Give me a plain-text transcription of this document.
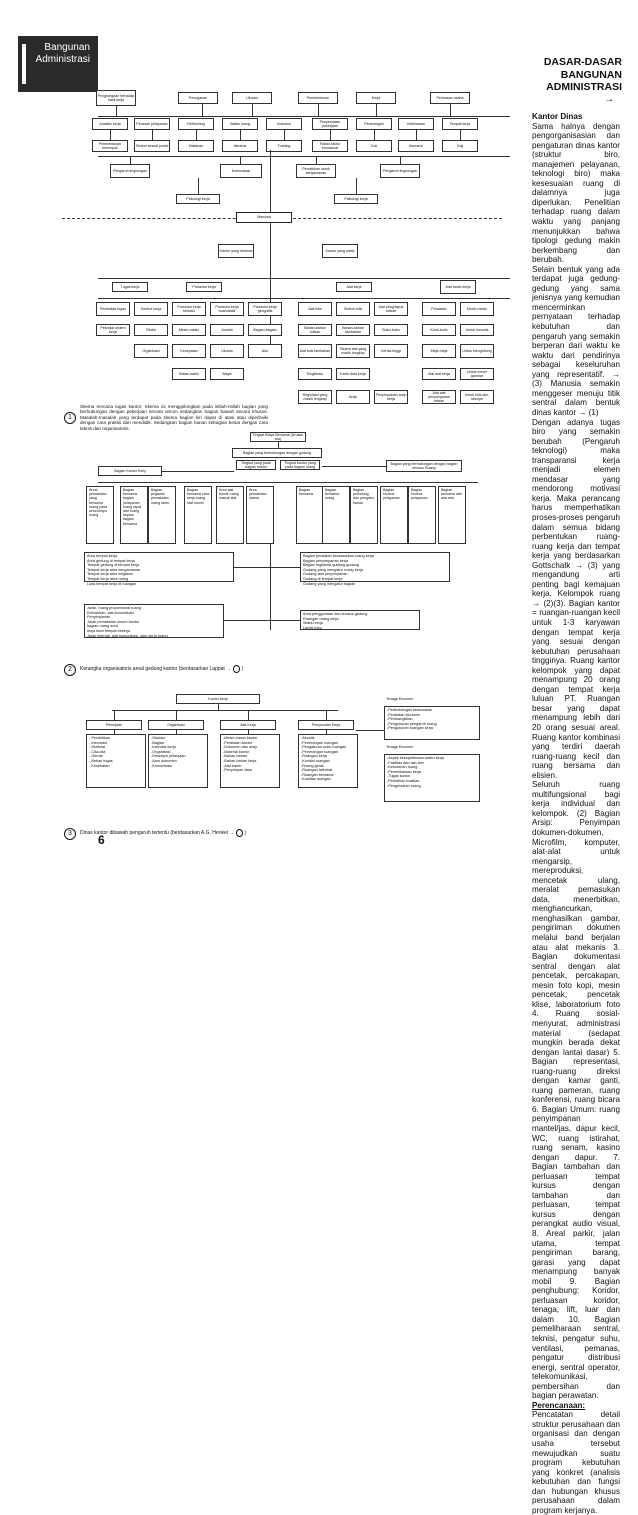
Bangunan
Administrasi	DASAR-DASAR
BANGUNAN
ADMINISTRASI
→
Penghargaan terhadap hasil kerja
Penugasan	Ukuran	Pembentukan	Kerja	Perluasan usaha
Analisis kerja	Peranan pelayanan	Refreshing	Waktu luang	Instruksi
Penyesuaian pekerjaan
Penerangan	Keleluasan	Tempat kerja
Pembentukan kelompok
Sistem sesuai posisi	Makanan	Istirahat	Training
Faktor-faktor emosional
Cuti	Asuransi	Gaji
Pengaruh lingkungan	Komunikasi
Pendidikan untuk kenyamanan
Pengaruh lingkungan
Psikologi kerja	Psikologi kerja
Manusia
Kantor yang dinamis	Kantor yang statis
Tugas kerja	Prosedur kerja	Alat kerja	Alat bantu kerja
Pembatas tugas	Kontrol kerja
Prosedur kerja berlaku
Prosedur kerja buamatatif
Prosedur kerja geografis
Alat tulis	Sistem tulis
Alat penghapus tulisan
Peralatan	Mesin mesin
Petunjuk sistem kerja
Revisi	Mesin-mesin	Jumlah	Bagian-bagian
Bahan-bahan tulisan
Bahan-bahan tambahan
Buku-buku	Kursi-kursi	Untuk menulis
Organisasi	Kecepatan	Ukuran	Alur	Alat tulis tambahan
Sistem alat yang masih lengkap
Kertas tinggi	Meja-meja	Untuk menghitung
Batas waktu	Biaya	Registrasi	Kartu data kerja	Alat alat kerja
Untuk mesin gambar
Registrasi yang masih lengkap
Arsip
Penyimpanan arsip kerja
Alat alat penyimpanan tulisan
Untuk tulis lain-lainnya
1
Skema rencana tugas kantor. Skema ini menggolongkan pada istilah-istilah bagian yang berhubungan dengan pekerjaan secara umum sedangkan bagian bawah secara khusus. Masalah-masalah yang terdapat pada skema bagian kiri dapat di atasi atau diperbaiki dengan cara praktis dan mendidik. Sedangkan bagian kanan sebagian besar dengan cara teknis dan organisatoris.
Tingkat Biaya Bersama (Urusan tua)
Bagian yang berhubungan dengan gedung
Tingkat yang pada bagian kantor
Tingkat kantor yang pada bagian ruang
Bagian Kantor Kelly
Bagian yang berhubungan dengan bagian khusus Ruang
Areal pemakaian yang bersama ruang pada seluruhnya ruang
Bagian bersama bagian pelayanan ruang rapat dan ruang kepala bagian bersama
Bagian pegawai pemakaian ruang tamu
Bagian bersama cara kerja ruang staf umum
Area alat teknik ruang masuk staf
Area pemakaian utama
Bagian bersama
Bagian bersama ruang
Bagian pelindung dan pengatur kamar
Bagian khusus pelayanan
Bagian khusus pelayanan
Bagian bersama dan alat-alat
Area tempat kerja
Area gedung di tempat kerja
Tempat gedung di tempat kerja
Tempat kerja area kenyamanan
Tempat kerja area kegiatan
Tempat kerja area ruang
Luas tempat kerja di ruangan
Bagian peralatan berdasarkan ruang kerja
Bagian penyimpanan kerja
Bagian registrasi gudang-gudang
Gudang yang mengatur ruang kerja
Gudang alat penyimpanan
Gudang di tempat kerja
Gudang yang mengatur bagian
Jarak, ruang proporsional ruang
Kebutuhan, alat komunikasi
Penyimpanan
Jarak pemakaian umum kantor
bagian ruang area
meja kecil tempat bekerja
Jarak internal, alat komunikasi, jalur serta ruang
Area penggunaan dan khusus gedung
Ruangan ruang kerja
Waktu kerja
Lantai baru
2	Kerangka organisatoris areal gedung kantor (berdasarkan Lappat →   )
Kantor kerja
Pekerjaan
- Pendidikan
- Informasi
- Motivasi
- Cita-cita
- Gemar
- Beban tugas
- Kesehatan
Organisasi
-Struktur
-Bagian
-Instruksi kerja
-Organisasi
-Deskripsi pekerjaan
-Arus dokumen
-Komunikasi
Alat Kerja
-Mesin-mesin kantor
-Peralatan kantor
-Dokumen dan arsip
-Material kantor
-Bahan-bahan
-Bahan-bahan kerja
-Alat bantu
-Penyimpan data
Penyusutan Kerja
-Akustik
-Penerangan ruangan
-Pengaturan suhu ruangan
-Penerangan ruangan
-Ruangan kerja
-Kondisi ruangan
-Ruang gerak
-Ruangan istirahat
-Ruangan bersama
-Kualitas ruangan
Tenaga Ekonomi
-Pertimbangan kesesuaian
-Peralatan ekonomi
-Pembangkitan
-Pengukuran pengaruh ruang
-Pengukuran ruangan kerja
Tenaga Ekonomi
-Aspek kesejahteraan waktu kerja
-Fasilitas dan lain-lain
-Kebutuhan ruang
-Pemeliharaan kerja
-Tugas kantor
-Perbaikan kualitas
-Pengeluaran ruang
3	Dinas kantor dibawah pengaruh tertentu (berdasarkan A.G. Henkel →   )
6

Kantor Dinas

Sama halnya dengan pengorganisasian dan pengaturan dinas kantor (struktur biro, manajemen pelayanan, teknologi biro) maka kesesuaian ruang di dalamnya juga diperlukan. Penelitian terhadap ruang dalam waktu yang panjang menunjukkan bahwa tipologi gedung makin berkembang dan berubah.

Selain bentuk yang ada terdapat juga gedung-gedung yang sama jenisnya yang kemudian mencerminkan pernyataan terhadap kebutuhan dan pengaruh yang semakin berperan dari waktu ke waktu dari pendirinya sebagai keseluruhan yang representatif. → (3) Manusia semakin menggeser menuju titik sentral dalam bentuk dinas kantor → (1)

Dengan adanya tugas biro yang semakin berubah (Pengaruh teknologi) maka transparansi kerja menjadi elemen mendasar yang mendorong motivasi kerja. Maka perancang harus memperhatikan proses-proses pengaruh dalam semua bidang perbentukan ruang-ruang kerja dan tempat kerja yang berdasarkan Gottschalk → (3) yang mengandung arti penting bagi kemajuan kerja. Kelompok ruang → (2)(3). Bagian kantor = ruangan-ruangan kecil untuk 1-3 karyawan dengan tempat kerja yang sesuai dengan kebutuhan perusahaan tingginya. Ruang kantor kelompok yang dapat menampung 20 orang dengan tempat kerja luluan PT. Ruangan besar yang dapat menampung lebih dari 20 orang sesuai areal. Ruang kantor kombinasi yang terdiri daerah ruang-ruang kecil dan ruang bersama dan elisien.

Seluruh ruang multifungsional bagi kerja individual dan kelompok. (2) Bagian Arsip: Penyimpan dokumen-dokumen, Microfilm, komputer, alat-alat untuk mengarsip, mereproduksi, mencetak ulang, meralat pemasukan data, menerbitkan, menghancurkan, menghasilkan gambar, pengiriman dokumen melalui band berjalan atau alat mekanis 3. Bagian dokumentasi sentral dengan alat pencetak, percakapan, mesin foto kopi, mesin pencetak, pencetak klise, laboratorium foto 4. Ruang sosial-menyurat, administrasi material (sedapat mungkin berada dekat dengan lantai dasar) 5. Bagian representasi, ruang-ruang direksi dengan kamar ganti, ruang pameran, ruang konferensi, ruang bicara 6. Bagian Umum: ruang penyimpanan mantel/jas, dapur kecil, WC, ruang istirahat, ruang senam, kasino dengan dapur. 7. Bagian tambahan dan perluasan tempat kursus dengan tambahan dan perluasan, tempat kursus dengan perangkat audio visual, 8. Areal parkir, jalan utama, tempat pengiriman barang, garasi yang dapat menampung banyak mobil 9. Bagian penghubung: Koridor, perluasan koridor, tenaga, lift, luar dan dalam 10. Bagian pemeliharaan sentral, teknisi, pengatur suhu, ventilasi, pemanas, pengatur distribusi energi, sentral operator, telekomunikasi, pembersihan dan bagian perawatan.

Perencanaan: Pencatatan detail struktur perusahaan dan organisasi dan dengan usaha tersebut mewujudkan suatu program kebutuhan yang konkret (analisis kebutuhan dan fungsi dan hubungan khusus perusahaan dalam program kerjanya.
